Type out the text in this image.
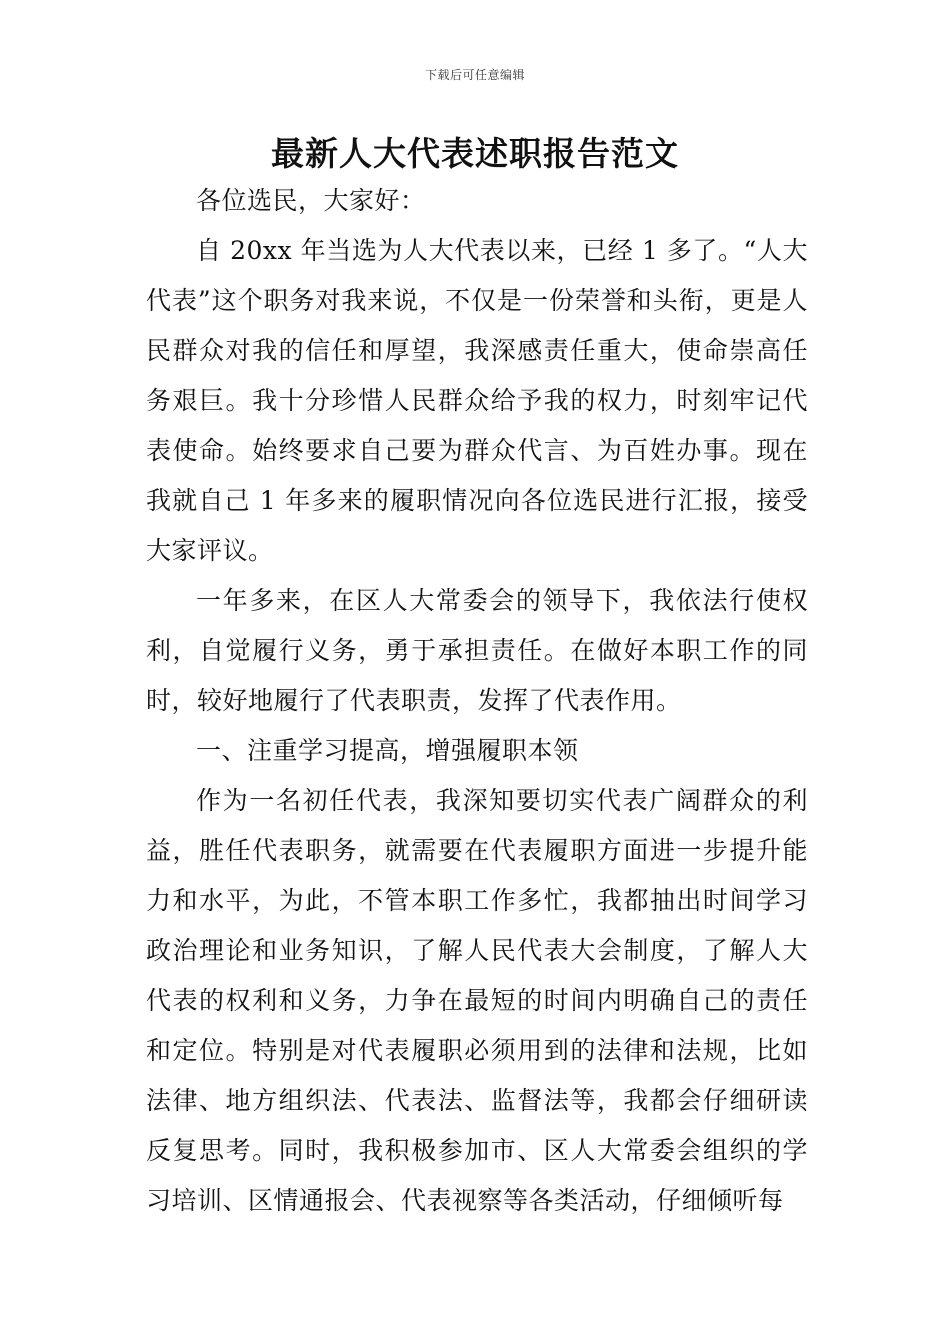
下载后可任意编辑
最新人大代表述职报告范文

各位选民，大家好：

自 20xx 年当选为人大代表以来，已经 1 多了。“人大代表”这个职务对我来说，不仅是一份荣誉和头衔，更是人民群众对我的信任和厚望，我深感责任重大，使命崇高任务艰巨。我十分珍惜人民群众给予我的权力，时刻牢记代表使命。始终要求自己要为群众代言、为百姓办事。现在我就自己 1 年多来的履职情况向各位选民进行汇报，接受大家评议。

一年多来，在区人大常委会的领导下，我依法行使权利，自觉履行义务，勇于承担责任。在做好本职工作的同时，较好地履行了代表职责，发挥了代表作用。

一、注重学习提高，增强履职本领

作为一名初任代表，我深知要切实代表广阔群众的利益，胜任代表职务，就需要在代表履职方面进一步提升能力和水平，为此，不管本职工作多忙，我都抽出时间学习政治理论和业务知识，了解人民代表大会制度，了解人大代表的权利和义务，力争在最短的时间内明确自己的责任和定位。特别是对代表履职必须用到的法律和法规，比如法律、地方组织法、代表法、监督法等，我都会仔细研读反复思考。同时，我积极参加市、区人大常委会组织的学习培训、区情通报会、代表视察等各类活动，仔细倾听每
